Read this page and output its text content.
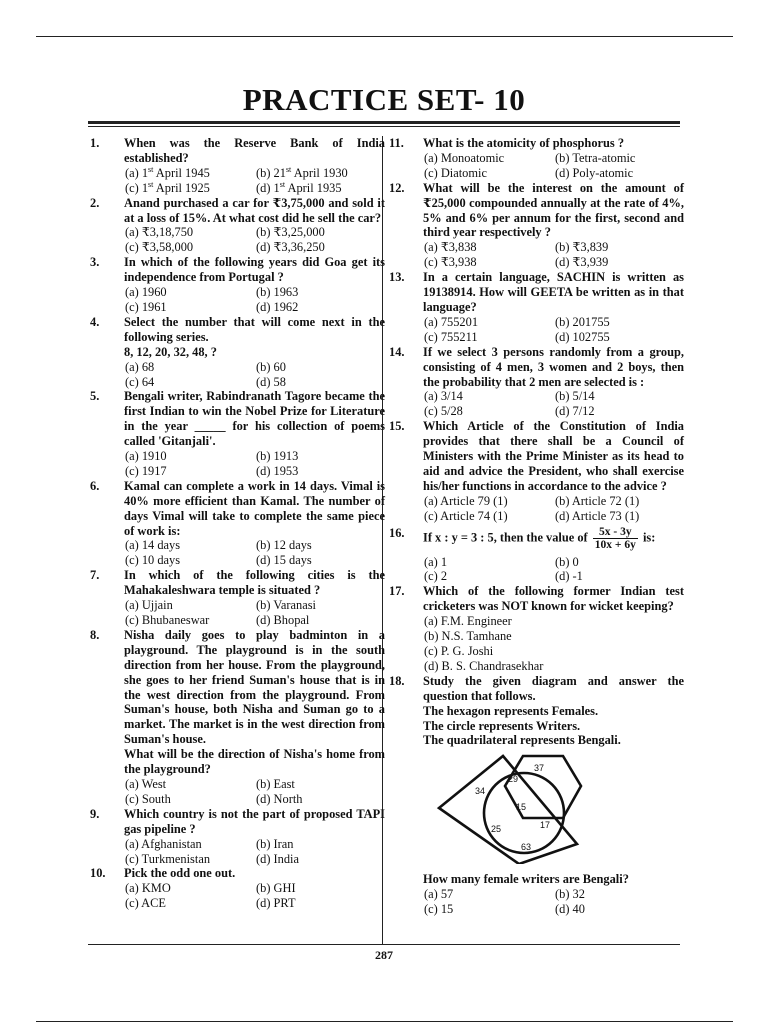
PRACTICE SET- 10
287
1. When was the Reserve Bank of India established?
(a) 1st April 1945	(b) 21st April 1930
(c) 1st April 1925	(d) 1st April 1935
2. Anand purchased a car for ₹3,75,000 and sold it at a loss of 15%. At what cost did he sell the car?
(a) ₹3,18,750	(b) ₹3,25,000
(c) ₹3,58,000	(d) ₹3,36,250
3. In which of the following years did Goa get its independence from Portugal ?
(a) 1960	(b) 1963
(c) 1961	(d) 1962
4. Select the number that will come next in the following series.

8, 12, 20, 32, 48, ?

(a) 68	(b) 60
(c) 64	(d) 58
5. Bengali writer, Rabindranath Tagore became the first Indian to win the Nobel Prize for Literature in the year _____ for his collection of poems called 'Gitanjali'.
(a) 1910	(b) 1913
(c) 1917	(d) 1953
6. Kamal can complete a work in 14 days. Vimal is 40% more efficient than Kamal. The number of days Vimal will take to complete the same piece of work is:
(a) 14 days	(b) 12 days
(c) 10 days	(d) 15 days
7. In which of the following cities is the Mahakaleshwara temple is situated ?
(a) Ujjain	(b) Varanasi
(c) Bhubaneswar	(d) Bhopal
8. Nisha daily goes to play badminton in a playground. The playground is in the south direction from her house. From the playground, she goes to her friend Suman's house that is in the west direction from the playground. From Suman's house, both Nisha and Suman go to a market. The market is in the west direction from Suman's house.

What will be the direction of Nisha's home from the playground?

(a) West	(b) East
(c) South	(d) North
9. Which country is not the part of proposed TAPI gas pipeline ?
(a) Afghanistan	(b) Iran
(c) Turkmenistan	(d) India
10. Pick the odd one out.
(a) KMO	(b) GHI
(c) ACE	(d) PRT
11. What is the atomicity of phosphorus ?
(a) Monoatomic	(b) Tetra-atomic
(c) Diatomic	(d) Poly-atomic
12. What will be the interest on the amount of ₹25,000 compounded annually at the rate of 4%, 5% and 6% per annum for the first, second and third year respectively ?
(a) ₹3,838	(b) ₹3,839
(c) ₹3,938	(d) ₹3,939
13. In a certain language, SACHIN is written as 19138914. How will GEETA be written as in that language?
(a) 755201	(b) 201755
(c) 755211	(d) 102755
14. If we select 3 persons randomly from a group, consisting of 4 men, 3 women and 2 boys, then the probability that 2 men are selected is :
(a) 3/14	(b) 5/14
(c) 5/28	(d) 7/12
15. Which Article of the Constitution of India provides that there shall be a Council of Ministers with the Prime Minister as its head to aid and advice the President, who shall exercise his/her functions in accordance to the advice ?
(a) Article 79 (1)	(b) Article 72 (1)
(c) Article 74 (1)	(d) Article 73 (1)
16. If x : y = 3 : 5, then the value of $\frac{5x - 3y}{10x + 6y}$ is:
(a) 1	(b) 0
(c) 2	(d) -1
17. Which of the following former Indian test cricketers was NOT known for wicket keeping?
(a) F.M. Engineer
(b) N.S. Tamhane
(c) P. G. Joshi
(d) B. S. Chandrasekhar
18. Study the given diagram and answer the question that follows.

The hexagon represents Females.

The circle represents Writers.

The quadrilateral represents Bengali.

37
29
34
15
25	17
63
How many female writers are Bengali?
(a) 57	(b) 32
(c) 15	(d) 40
